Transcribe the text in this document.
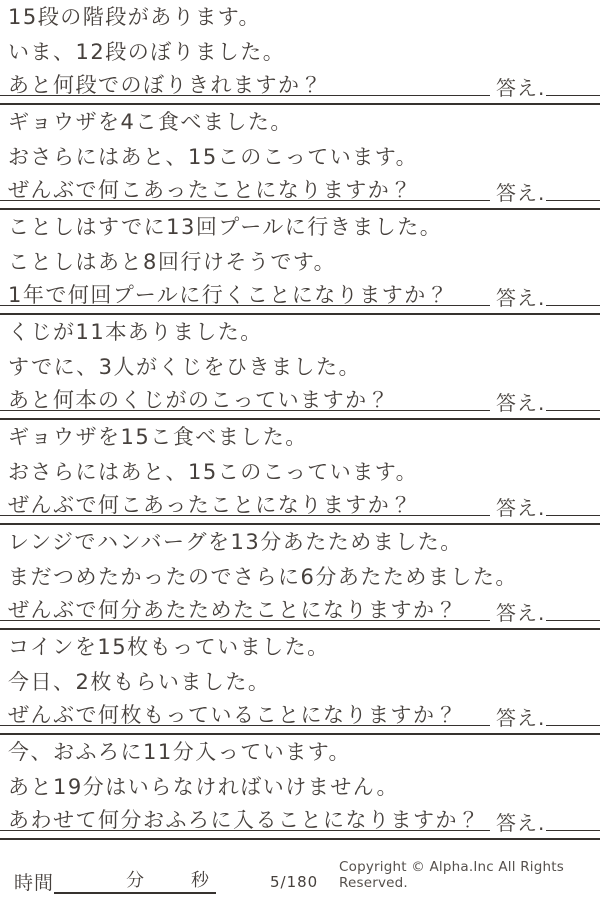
15段の階段があります。
いま、12段のぼりました。
あと何段でのぼりきれますか？	答え.
ギョウザを4こ食べました。
おさらにはあと、15このこっています。
ぜんぶで何こあったことになりますか？	答え.
ことしはすでに13回プールに行きました。
ことしはあと8回行けそうです。
1年で何回プールに行くことになりますか？ 答え.
くじが11本ありました。
すでに、3人がくじをひきました。
あと何本のくじがのこっていますか？	答え.
ギョウザを15こ食べました。
おさらにはあと、15このこっています。
ぜんぶで何こあったことになりますか？	答え.
レンジでハンバーグを13分あたためました。
まだつめたかったのでさらに6分あたためました。
ぜんぶで何分あたためたことになりますか？ 答え.
コインを15枚もっていました。
今日、2枚もらいました。
ぜんぶで何枚もっていることになりますか？ 答え.
今、おふろに11分入っています。
あと19分はいらなければいけません。
あわせて何分おふろに入ることになりますか？ 答え.
時間	分	秒	5/180
Copyright © Alpha.Inc All Rights Reserved.
